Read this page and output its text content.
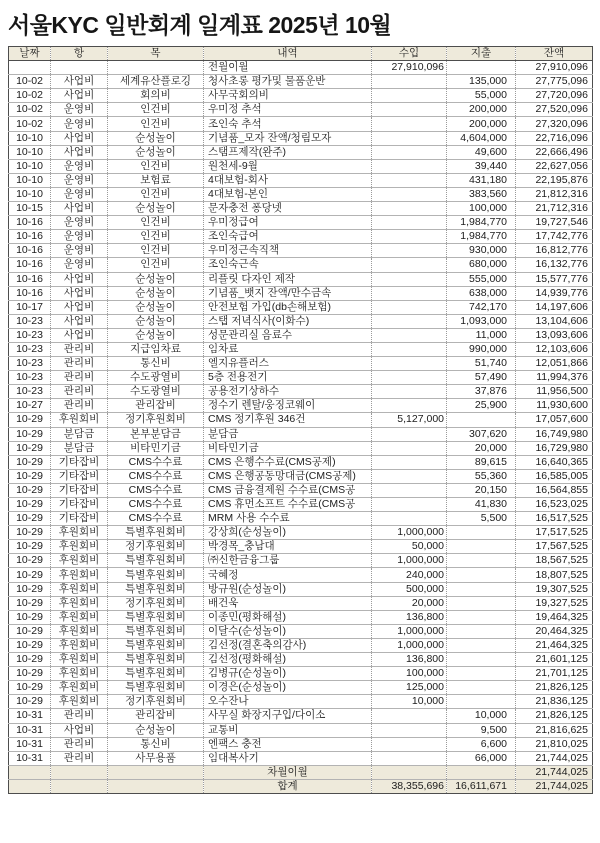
서울KYC 일반회계 일계표 2025년 10월
날짜	항	목	내역	수입	지출	잔액
			전월이월	27,910,096		27,910,096
10-02	사업비	세계유산플로깅	청사초롱 평가및 물품운반		135,000	27,775,096
10-02	사업비	회의비	사무국회의비		55,000	27,720,096
10-02	운영비	인건비	우미정 추석		200,000	27,520,096
10-02	운영비	인건비	조인숙 추석		200,000	27,320,096
10-10	사업비	순성놀이	기념품_모자 잔액/청림모자		4,604,000	22,716,096
10-10	사업비	순성놀이	스탬프제작(완주)		49,600	22,666,496
10-10	운영비	인건비	원천세-9월		39,440	22,627,056
10-10	운영비	보험료	4대보험-회사		431,180	22,195,876
10-10	운영비	인건비	4대보험-본인		383,560	21,812,316
10-15	사업비	순성놀이	문자충전 퐁당넷		100,000	21,712,316
10-16	운영비	인건비	우미정급여		1,984,770	19,727,546
10-16	운영비	인건비	조인숙급여		1,984,770	17,742,776
10-16	운영비	인건비	우미정근속직책		930,000	16,812,776
10-16	운영비	인건비	조인숙근속		680,000	16,132,776
10-16	사업비	순성놀이	리플릿 다자인 제작		555,000	15,577,776
10-16	사업비	순성놀이	기념품_뱃지 잔액/만수금속		638,000	14,939,776
10-17	사업비	순성놀이	안전보험 가입(db손해보험)		742,170	14,197,606
10-23	사업비	순성놀이	스탭 저녁식사(이화수)		1,093,000	13,104,606
10-23	사업비	순성놀이	성문관리실 음료수		11,000	13,093,606
10-23	관리비	지급임차료	임차료		990,000	12,103,606
10-23	관리비	통신비	엘지유플러스		51,740	12,051,866
10-23	관리비	수도광열비	5층 전용전기		57,490	11,994,376
10-23	관리비	수도광열비	공용전기상하수		37,876	11,956,500
10-27	관리비	관리잡비	정수기 렌탈/웅징코웨이		25,900	11,930,600
10-29	후원회비	정기후원회비	CMS 정기후원 346건	5,127,000		17,057,600
10-29	분담금	본부분담금	분담금		307,620	16,749,980
10-29	분담금	비타민기금	비타민기금		20,000	16,729,980
10-29	기타잡비	CMS수수료	CMS 은행수수료(CMS공제)		89,615	16,640,365
10-29	기타잡비	CMS수수료	CMS 은행공동망대금(CMS공제)		55,360	16,585,005
10-29	기타잡비	CMS수수료	CMS 금융결제원 수수료(CMS공		20,150	16,564,855
10-29	기타잡비	CMS수수료	CMS 휴먼소프트 수수료(CMS공		41,830	16,523,025
10-29	기타잡비	CMS수수료	MRM 사용 수수료		5,500	16,517,525
10-29	후원회비	특별후원회비	강상희(순성놀이)	1,000,000		17,517,525
10-29	후원회비	정기후원회비	박경목_충남대	50,000		17,567,525
10-29	후원회비	특별후원회비	㈜신한금융그룹	1,000,000		18,567,525
10-29	후원회비	특별후원회비	국혜정	240,000		18,807,525
10-29	후원회비	특별후원회비	방규원(순성놀이)	500,000		19,307,525
10-29	후원회비	정기후원회비	배건욱	20,000		19,327,525
10-29	후원회비	특별후원회비	이종민(평화해설)	136,800		19,464,325
10-29	후원회비	특별후원회비	이달수(순성놀이)	1,000,000		20,464,325
10-29	후원회비	특별후원회비	김선정(결혼축의감사)	1,000,000		21,464,325
10-29	후원회비	특별후원회비	김선정(평화해설)	136,800		21,601,125
10-29	후원회비	특별후원회비	김병규(순성놀이)	100,000		21,701,125
10-29	후원회비	특별후원회비	이경은(순성놀이)	125,000		21,826,125
10-29	후원회비	정기후원회비	오수잔나	10,000		21,836,125
10-31	관리비	관리잡비	사무실 화장지구입/다이소		10,000	21,826,125
10-31	사업비	순성놀이	교통비		9,500	21,816,625
10-31	관리비	통신비	엔팩스 충전		6,600	21,810,025
10-31	관리비	사무용품	임대복사기		66,000	21,744,025
			차월이월			21,744,025
			합계	38,355,696	16,611,671	21,744,025
